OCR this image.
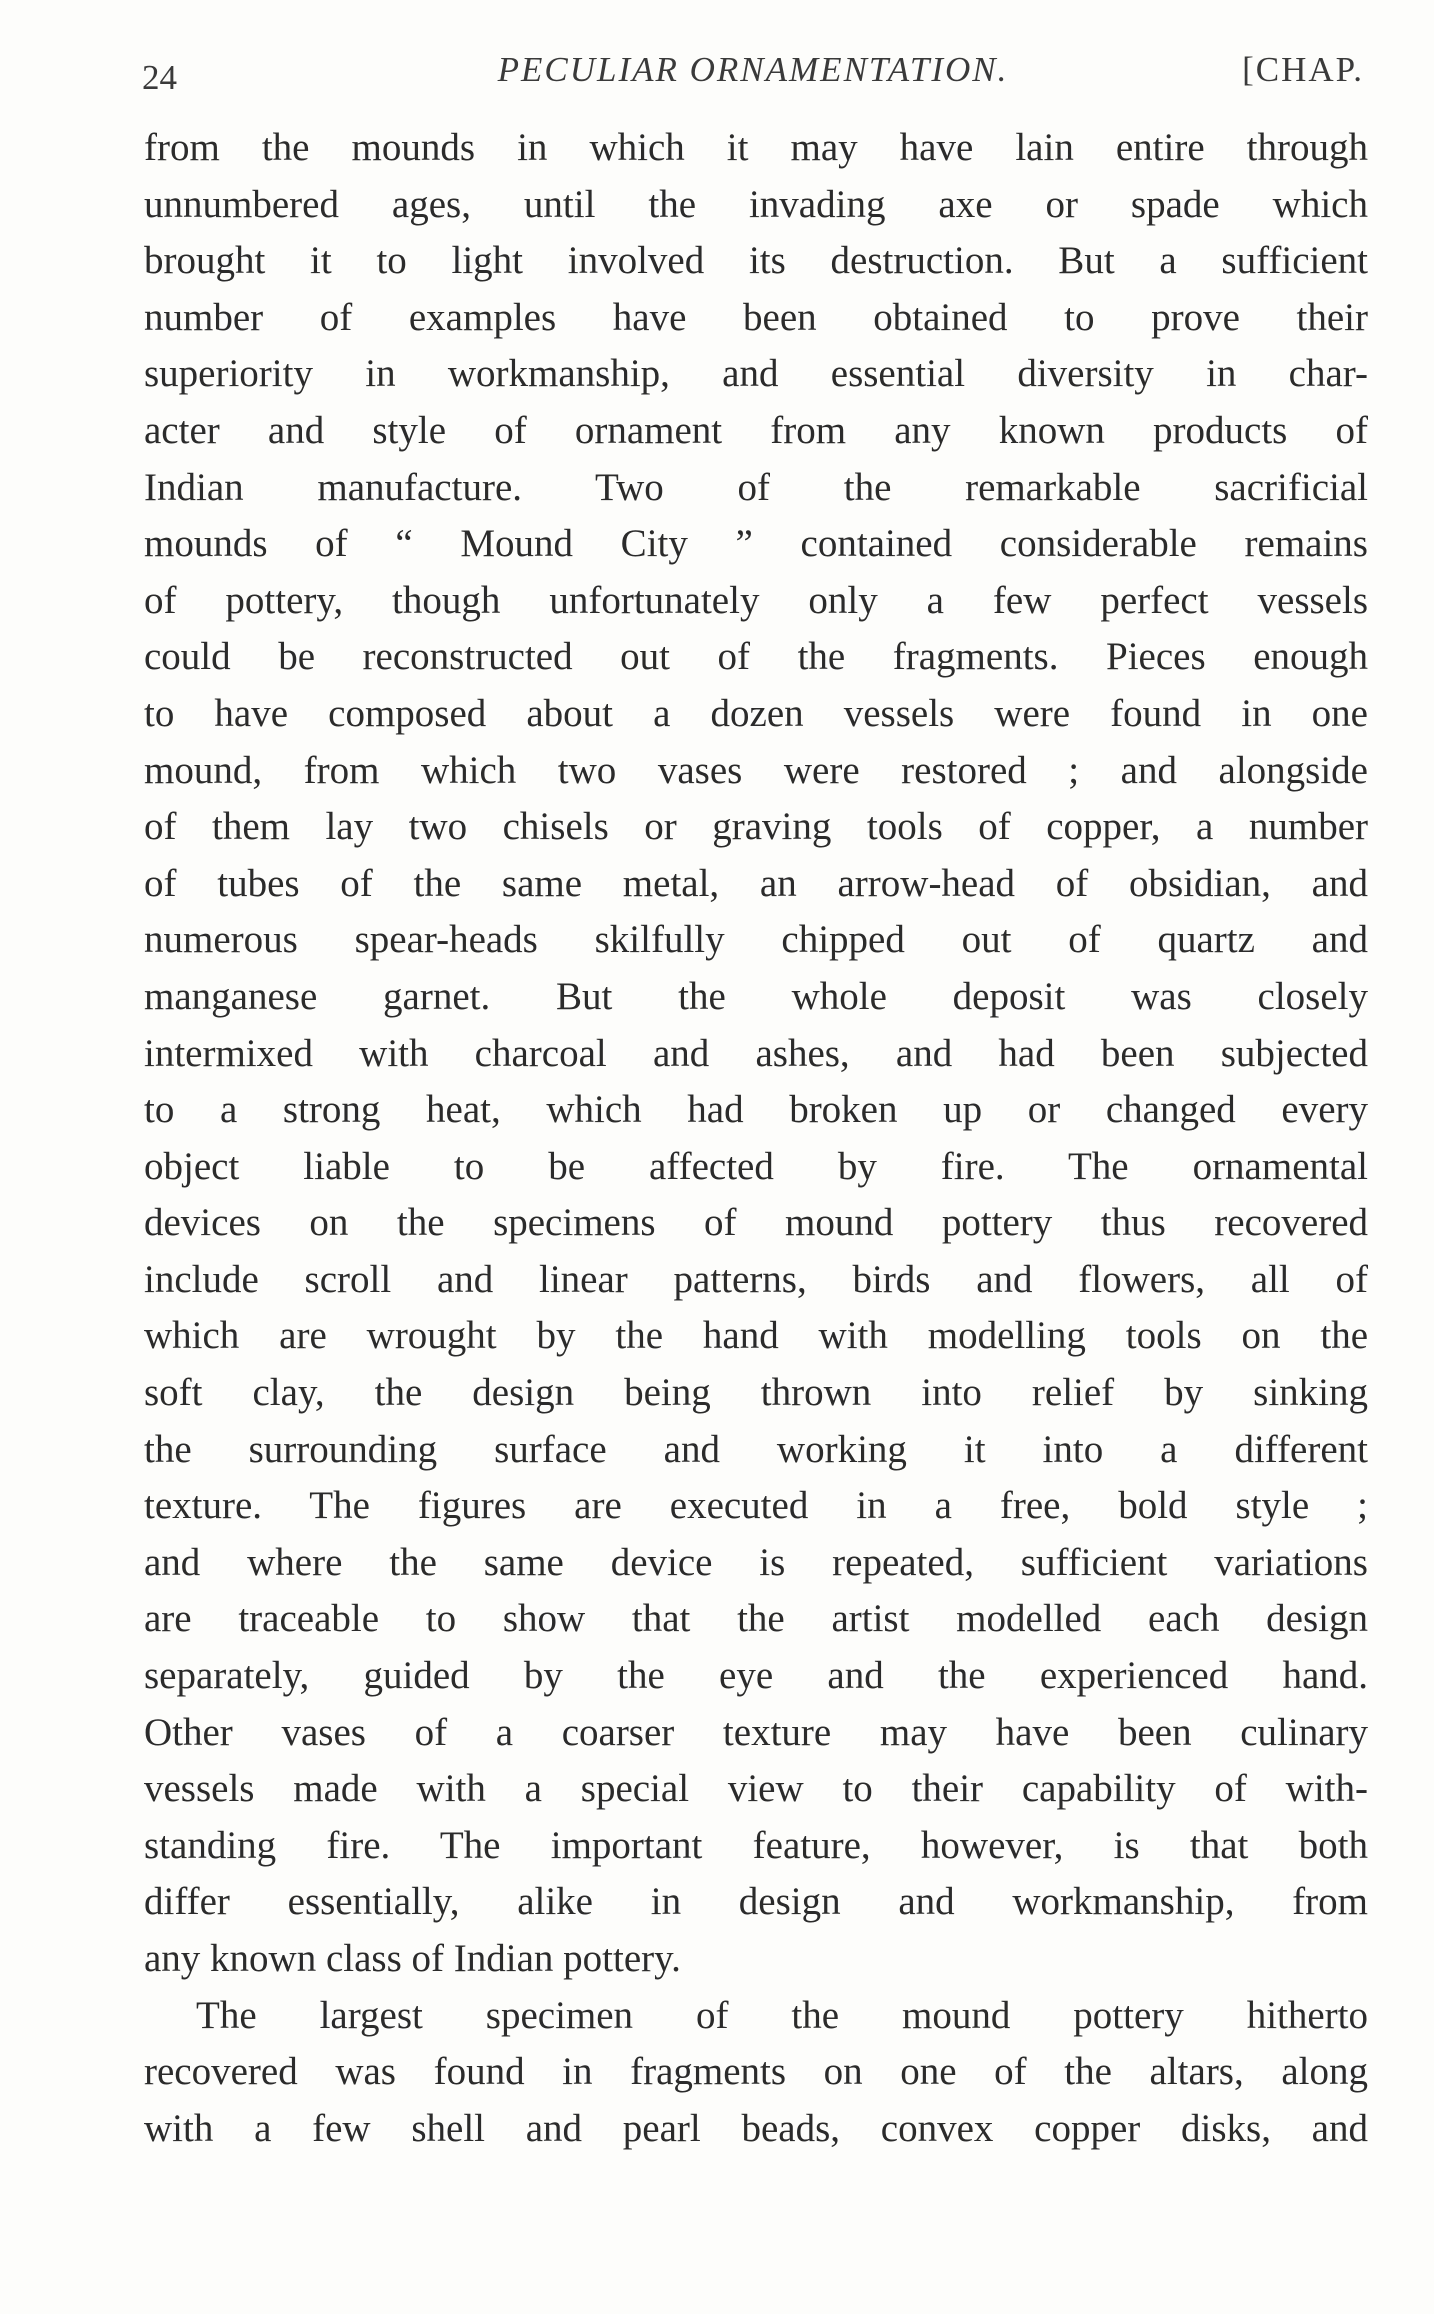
24	PECULIAR ORNAMENTATION.	[CHAP.
from the mounds in which it may have lain entire through
unnumbered ages, until the invading axe or spade which
brought it to light involved its destruction. But a sufficient
number of examples have been obtained to prove their
superiority in workmanship, and essential diversity in char-
acter and style of ornament from any known products of
Indian manufacture. Two of the remarkable sacrificial
mounds of “ Mound City ” contained considerable remains
of pottery, though unfortunately only a few perfect vessels
could be reconstructed out of the fragments. Pieces enough
to have composed about a dozen vessels were found in one
mound, from which two vases were restored ; and alongside
of them lay two chisels or graving tools of copper, a number
of tubes of the same metal, an arrow-head of obsidian, and
numerous spear-heads skilfully chipped out of quartz and
manganese garnet. But the whole deposit was closely
intermixed with charcoal and ashes, and had been subjected
to a strong heat, which had broken up or changed every
object liable to be affected by fire. The ornamental
devices on the specimens of mound pottery thus recovered
include scroll and linear patterns, birds and flowers, all of
which are wrought by the hand with modelling tools on the
soft clay, the design being thrown into relief by sinking
the surrounding surface and working it into a different
texture. The figures are executed in a free, bold style ;
and where the same device is repeated, sufficient variations
are traceable to show that the artist modelled each design
separately, guided by the eye and the experienced hand.
Other vases of a coarser texture may have been culinary
vessels made with a special view to their capability of with-
standing fire. The important feature, however, is that both
differ essentially, alike in design and workmanship, from
any known class of Indian pottery.
The largest specimen of the mound pottery hitherto
recovered was found in fragments on one of the altars, along
with a few shell and pearl beads, convex copper disks, and
